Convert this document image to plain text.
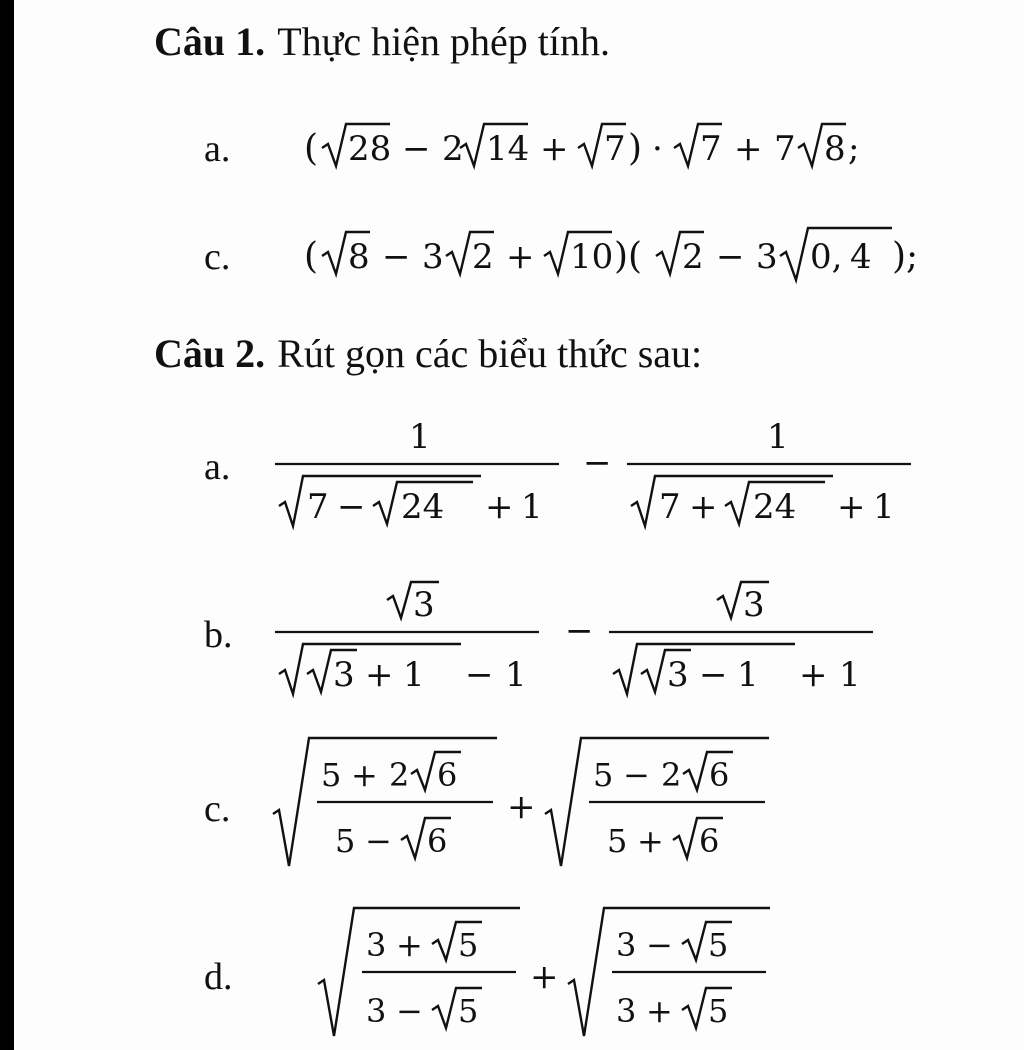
Câu 1. Thực hiện phép tính.
a. ( 28 − 2 14 + 7 ) · 7 + 7 8 ;
c. ( 8 − 3 2 + 10 )( 2 − 3 0, 4 );
Câu 2. Rút gọn các biểu thức sau:
a.
1
7 − 24 + 1
−
1
7 + 24 + 1
b.
3
3 + 1 − 1
−
3
3 − 1 + 1
c.
5 + 2 6
5 − 6
+
5 − 2 6
5 + 6
d.
3 + 5
3 − 5
+
3 − 5
3 + 5
